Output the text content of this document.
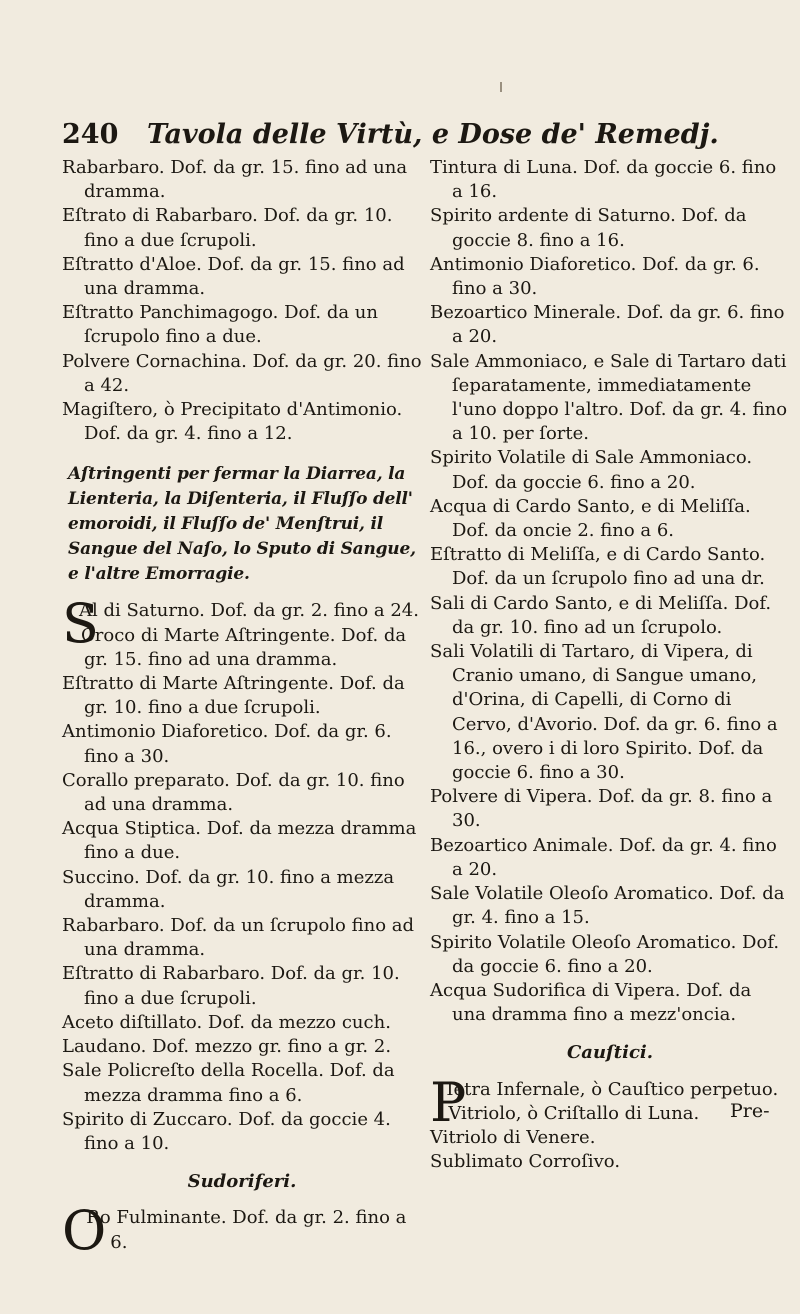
240 Tavola delle Virtù, e Dose de' Remedj.

Rabarbaro. Dof. da gr. 15. fino ad una dramma.

Eſtrato di Rabarbaro. Dof. da gr. 10. fino a due ſcrupoli.

Eſtratto d'Aloe. Dof. da gr. 15. fino ad una dramma.

Eſtratto Panchimagogo. Dof. da un ſcrupolo fino a due.

Polvere Cornachina. Dof. da gr. 20. fino a 42.

Magiſtero, ò Precipitato d'Antimonio. Dof. da gr. 4. fino a 12.

Aſtringenti per fermar la Diarrea, la Lienteria, la Diſenteria, il Fluſſo dell' emoroidi, il Fluſſo de' Menſtrui, il Sangue del Naſo, lo Sputo di Sangue, e l'altre Emorragie.

S
Al di Saturno. Dof. da gr. 2. fino a 24.

Croco di Marte Aſtringente. Dof. da gr. 15. fino ad una dramma.

Eſtratto di Marte Aſtringente. Dof. da gr. 10. fino a due ſcrupoli.

Antimonio Diaforetico. Dof. da gr. 6. fino a 30.

Corallo preparato. Dof. da gr. 10. fino ad una dramma.

Acqua Stiptica. Dof. da mezza dramma fino a due.

Succino. Dof. da gr. 10. fino a mezza dramma.

Rabarbaro. Dof. da un ſcrupolo fino ad una dramma.

Eſtratto di Rabarbaro. Dof. da gr. 10. fino a due ſcrupoli.

Aceto diſtillato. Dof. da mezzo cuch.

Laudano. Dof. mezzo gr. fino a gr. 2.

Sale Policreſto della Rocella. Dof. da mezza dramma fino a 6.

Spirito di Zuccaro. Dof. da goccie 4. fino a 10.

Sudoriferi.

O
Ro Fulminante. Dof. da gr. 2. fino a 6.

Tintura di Luna. Dof. da goccie 6. fino a 16.

Spirito ardente di Saturno. Dof. da goccie 8. fino a 16.

Antimonio Diaforetico. Dof. da gr. 6. fino a 30.

Bezoartico Minerale. Dof. da gr. 6. fino a 20.

Sale Ammoniaco, e Sale di Tartaro dati ſeparatamente, immediatamente l'uno doppo l'altro. Dof. da gr. 4. fino a 10. per ſorte.

Spirito Volatile di Sale Ammoniaco. Dof. da goccie 6. fino a 20.

Acqua di Cardo Santo, e di Meliſſa. Dof. da oncie 2. fino a 6.

Eſtratto di Meliſſa, e di Cardo Santo. Dof. da un ſcrupolo fino ad una dr.

Sali di Cardo Santo, e di Meliſſa. Dof. da gr. 10. fino ad un ſcrupolo.

Sali Volatili di Tartaro, di Vipera, di Cranio umano, di Sangue umano, d'Orina, di Capelli, di Corno di Cervo, d'Avorio. Dof. da gr. 6. fino a 16., overo i di loro Spirito. Dof. da goccie 6. fino a 30.

Polvere di Vipera. Dof. da gr. 8. fino a 30.

Bezoartico Animale. Dof. da gr. 4. fino a 20.

Sale Volatile Oleoſo Aromatico. Dof. da gr. 4. fino a 15.

Spirito Volatile Oleoſo Aromatico. Dof. da goccie 6. fino a 20.

Acqua Sudorifica di Vipera. Dof. da una dramma fino a mezz'oncia.

Cauſtici.

P
Ietra Infernale, ò Cauſtico perpetuo.

Vitriolo, ò Criſtallo di Luna.

Vitriolo di Venere.

Sublimato Corroſivo.

Pre-
